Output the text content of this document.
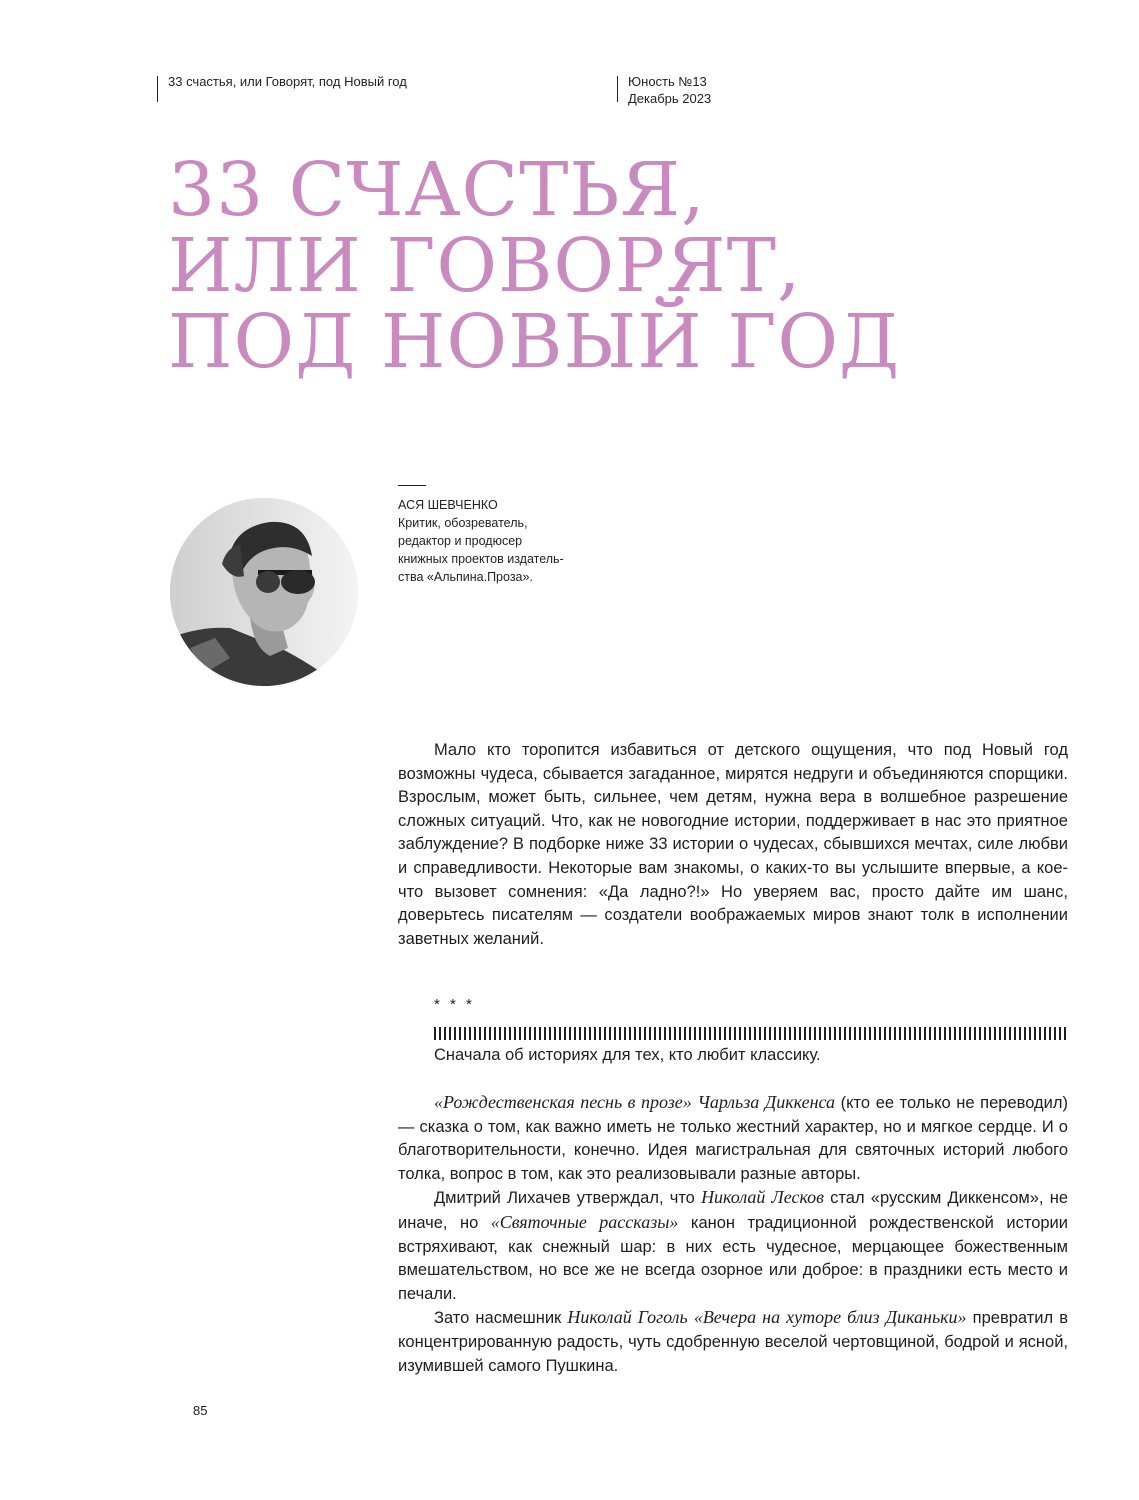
33 счастья, или Говорят, под Новый год	Юность №13
Декабрь 2023
33 СЧАСТЬЯ,
ИЛИ ГОВОРЯТ,
ПОД НОВЫЙ ГОД
АСЯ ШЕВЧЕНКО
Критик, обозреватель,
редактор и продюсер
книжных проектов издатель-
ства «Альпина.Проза».

Мало кто торопится избавиться от детского ощущения, что под Новый год возможны чудеса, сбывается загаданное, мирятся недруги и объединяются спорщики. Взрослым, может быть, сильнее, чем детям, нужна вера в волшебное разрешение сложных ситуаций. Что, как не новогодние истории, поддерживает в нас это приятное заблуждение? В подборке ниже 33 истории о чудесах, сбывшихся мечтах, силе любви и справедливости. Некоторые вам знакомы, о каких-то вы услышите впервые, а кое-что вызовет сомнения: «Да ладно?!» Но уверяем вас, просто дайте им шанс, доверьтесь писателям — создатели воображаемых миров знают толк в исполнении заветных желаний.

* * *

Сначала об историях для тех, кто любит классику.

«Рождественская песнь в прозе» Чарльза Диккенса (кто ее только не переводил) — сказка о том, как важно иметь не только жестний характер, но и мягкое сердце. И о благотворительности, конечно. Идея магистральная для святочных историй любого толка, вопрос в том, как это реализовывали разные авторы.

Дмитрий Лихачев утверждал, что Николай Лесков стал «русским Диккенсом», не иначе, но «Святочные рассказы» канон традиционной рождественской истории встряхивают, как снежный шар: в них есть чудесное, мерцающее божественным вмешательством, но все же не всегда озорное или доброе: в праздники есть место и печали.

Зато насмешник Николай Гоголь «Вечера на хуторе близ Диканьки» превратил в концентрированную радость, чуть сдобренную веселой чертовщиной, бодрой и ясной, изумившей самого Пушкина.

85
